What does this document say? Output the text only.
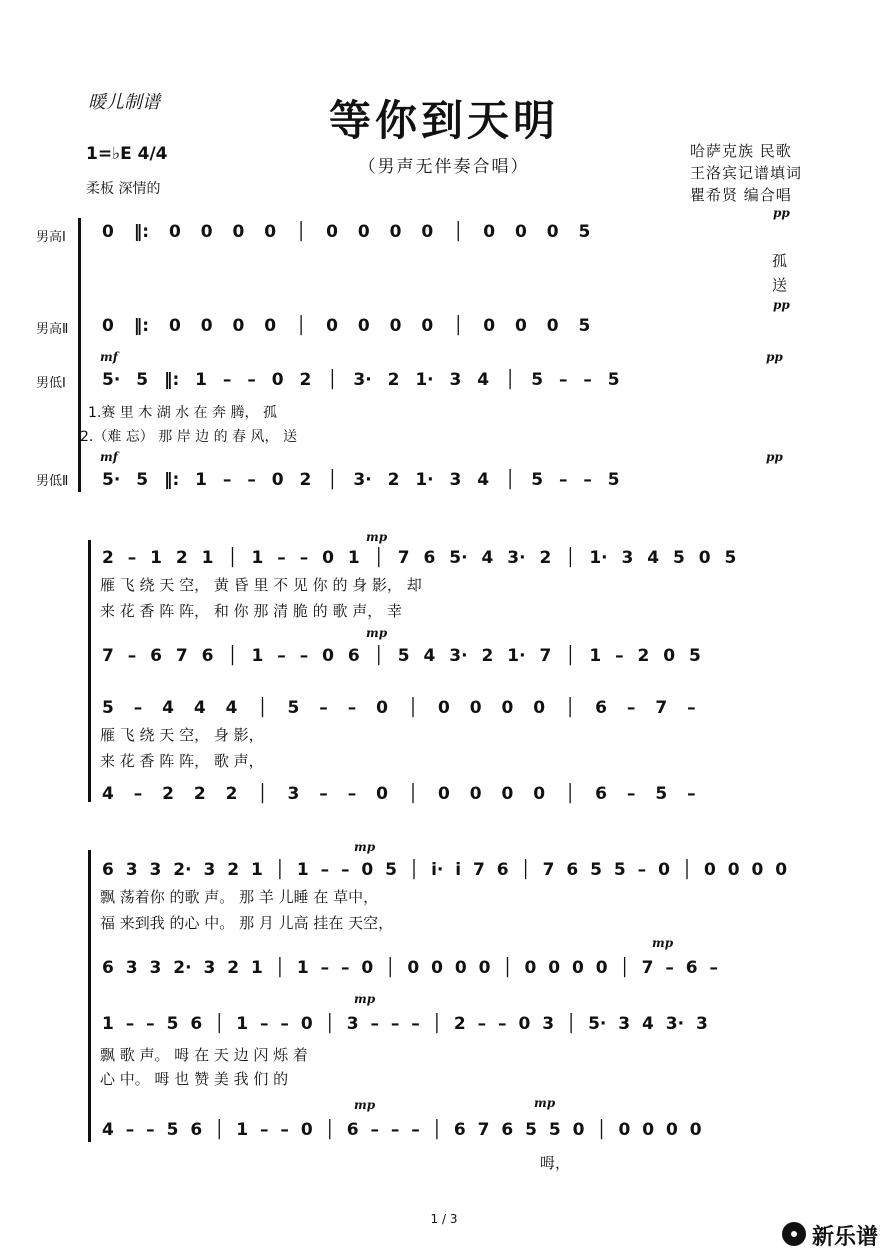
暖儿制谱	等你到天明
（男声无伴奏合唱）
1=♭E 4/4
柔板 深情的
哈萨克族 民歌
王洛宾记谱填词
瞿希贤 编合唱
男高Ⅰ
男高Ⅱ
男低Ⅰ
男低Ⅱ
pp
pp
mf	pp
mf	pp
0 ‖: 0 0 0 0 │ 0 0 0 0 │ 0 0 0 5
孤
送
0 ‖: 0 0 0 0 │ 0 0 0 0 │ 0 0 0 5
5· 5 ‖: 1 – – 0 2 │ 3· 2 1· 3 4 │ 5 – – 5
1.赛 里 木 湖 水 在 奔 腾， 孤
2.（难 忘） 那 岸 边 的 春 风， 送
5· 5 ‖: 1 – – 0 2 │ 3· 2 1· 3 4 │ 5 – – 5
mp
mp
2 – 1 2 1 │ 1 – – 0 1 │ 7 6 5· 4 3· 2 │ 1· 3 4 5 0 5
雁 飞 绕 天 空， 黄 昏 里 不 见 你 的 身 影， 却
来 花 香 阵 阵， 和 你 那 清 脆 的 歌 声， 幸
7 – 6 7 6 │ 1 – – 0 6 │ 5 4 3· 2 1· 7 │ 1 – 2 0 5
5 – 4 4 4 │ 5 – – 0 │ 0 0 0 0 │ 6 – 7 –
雁 飞 绕 天 空， 身 影，
来 花 香 阵 阵， 歌 声，
4 – 2 2 2 │ 3 – – 0 │ 0 0 0 0 │ 6 – 5 –
mp
mp
mp
mp	mp
6 3 3 2· 3 2 1 │ 1 – – 0 5 │ i· i 7 6 │ 7 6 5 5 – 0 │ 0 0 0 0
飘 荡着你 的歌 声。 那 羊 儿睡 在 草中，
福 来到我 的心 中。 那 月 儿高 挂在 天空，
6 3 3 2· 3 2 1 │ 1 – – 0 │ 0 0 0 0 │ 0 0 0 0 │ 7 – 6 –
1 – – 5 6 │ 1 – – 0 │ 3 – – – │ 2 – – 0 3 │ 5· 3 4 3· 3
飘 歌 声。 呣 在 天 边 闪 烁 着
心 中。 呣 也 赞 美 我 们 的
4 – – 5 6 │ 1 – – 0 │ 6 – – – │ 6 7 6 5 5 0 │ 0 0 0 0
呣，
1 / 3
新乐谱
